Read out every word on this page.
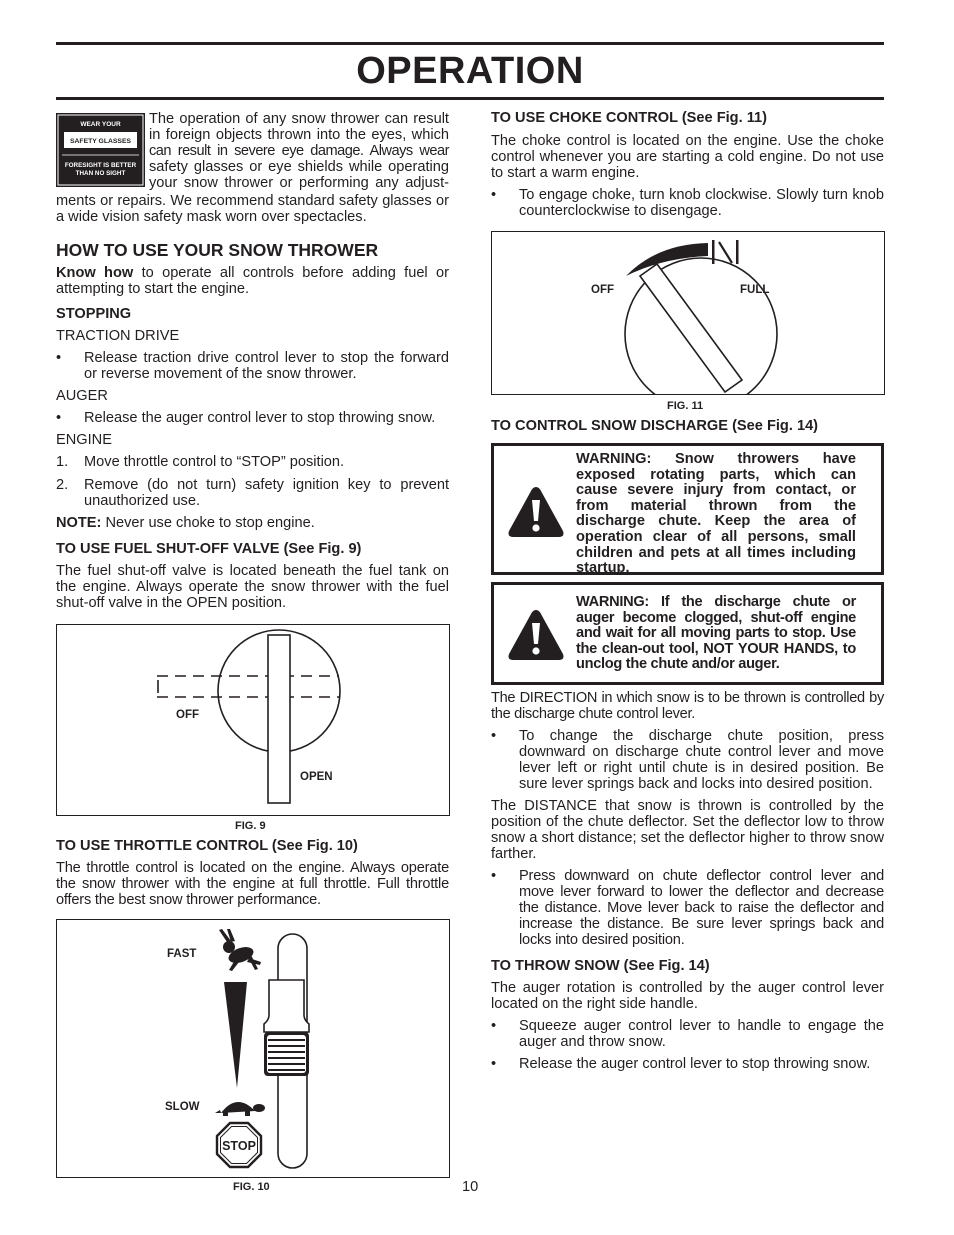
OPERATION
WEAR YOUR
SAFETY GLASSES
FORESIGHT IS BETTER
THAN NO SIGHT

The operation of any snow thrower can result

in foreign objects thrown into the eyes, which

can result in severe eye damage. Always wear

safety glasses or eye shields while operating

your snow thrower or performing any adjust-

ments or repairs. We recommend standard safety glasses or a wide vision safety mask worn over spectacles.

HOW TO USE YOUR SNOW THROWER

Know how to operate all controls before adding fuel or attempting to start the engine.

STOPPING

TRACTION DRIVE

• Release traction drive control lever to stop the forward or reverse movement of the snow thrower.

AUGER

• Release the auger control lever to stop throwing snow.

ENGINE

1. Move throttle control to “STOP” position.
2. Remove (do not turn) safety ignition key to prevent unauthorized use.

NOTE: Never use choke to stop engine.

TO USE FUEL SHUT-OFF VALVE (See Fig. 9)

The fuel shut-off valve is located beneath the fuel tank on the engine. Always operate the snow thrower with the fuel shut-off valve in the OPEN position.

OFF
OPEN
FIG. 9

TO USE THROTTLE CONTROL (See Fig. 10)

The throttle control is located on the engine. Always operate the snow thrower with the engine at full throttle. Full throttle offers the best snow thrower performance.

FAST
SLOW
STOP
FIG. 10	10

TO USE CHOKE CONTROL (See Fig. 11)

The choke control is located on the engine. Use the choke control whenever you are starting a cold engine. Do not use to start a warm engine.

• To engage choke, turn knob clockwise. Slowly turn knob counterclockwise to disengage.
OFF	FULL
FIG. 11

TO CONTROL SNOW DISCHARGE (See Fig. 14)

WARNING: Snow throwers have exposed rotating parts, which can cause severe injury from contact, or from material thrown from the discharge chute. Keep the area of operation clear of all persons, small children and pets at all times including startup.
WARNING: If the discharge chute or auger become clogged, shut-off engine and wait for all moving parts to stop. Use the clean-out tool, NOT YOUR HANDS, to unclog the chute and/or auger.

The DIRECTION in which snow is to be thrown is controlled by the discharge chute control lever.

• To change the discharge chute position, press downward on discharge chute control lever and move lever left or right until chute is in desired position. Be sure lever springs back and locks into desired position.

The DISTANCE that snow is thrown is controlled by the position of the chute deflector. Set the deflector low to throw snow a short distance; set the deflector higher to throw snow farther.

• Press downward on chute deflector control lever and move lever forward to lower the deflector and decrease the distance. Move lever back to raise the deflector and increase the distance. Be sure lever springs back and locks into desired position.

TO THROW SNOW (See Fig. 14)

The auger rotation is controlled by the auger control lever located on the right side handle.

• Squeeze auger control lever to handle to engage the auger and throw snow.
• Release the auger control lever to stop throwing snow.
